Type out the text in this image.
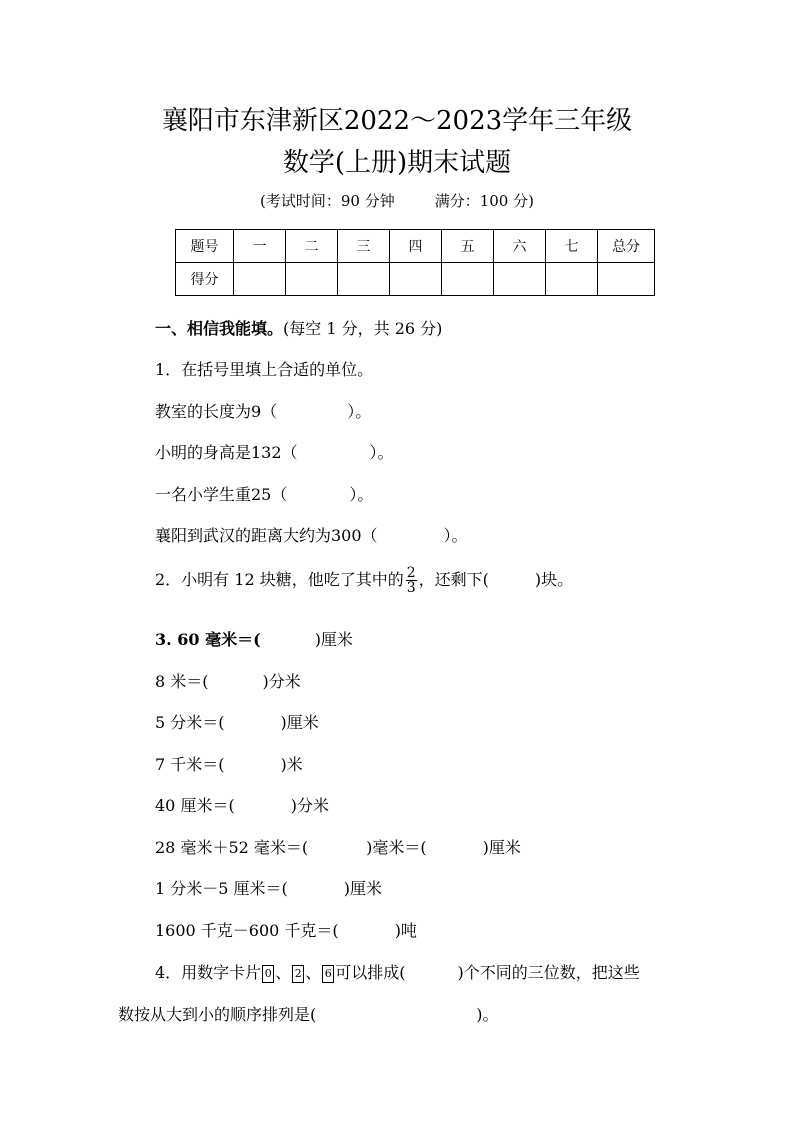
襄阳市东津新区2022～2023学年三年级
数学(上册)期末试题
(考试时间：90 分钟	满分：100 分)
题号	一	二	三	四	五	六	七	总分
得分								
一、相信我能填。(每空 1 分，共 26 分)
1．在括号里填上合适的单位。
教室的长度为9（	）。
小明的身高是132（	）。
一名小学生重25（	）。
襄阳到武汉的距离大约为300（	）。
2．小明有 12 块糖，他吃了其中的 $\frac{2}{3}$ ，还剩下(	)块。
3. 60 毫米＝(	)厘米
8 米＝(	)分米
5 分米＝(	)厘米
7 千米＝(	)米
40 厘米＝(	)分米
28 毫米＋52 毫米＝(	)毫米＝(	)厘米
1 分米－5 厘米＝(	)厘米
1600 千克－600 千克＝(	)吨
4．用数字卡片 0 、 2 、 6 可以排成(	)个不同的三位数，把这些
数按从大到小的顺序排列是(	)。
